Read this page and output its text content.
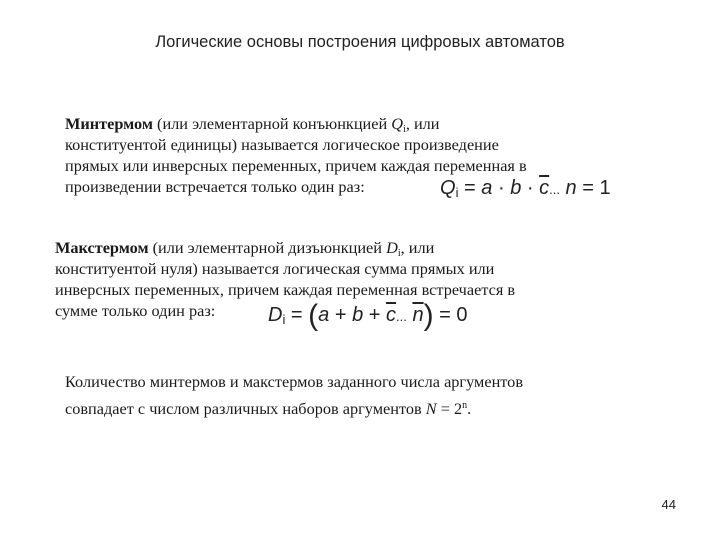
Логические основы построения цифровых автоматов
Минтермом (или элементарной конъюнкцией $Q_i$, или
конституентой единицы) называется логическое произведение
прямых или инверсных переменных, причем каждая переменная в
произведении встречается только один раз:	$Q_i = a \cdot b \cdot \overline{c}$... n = 1
Макстермом (или элементарной дизъюнкцией $D_i$, или
конституентой нуля) называется логическая сумма прямых или
инверсных переменных, причем каждая переменная встречается в
сумме только один раз:	$D_i = (a + b + \overline{c}$... $\overline{n}) = 0$
Количество минтермов и макстермов заданного числа аргументов
совпадает с числом различных наборов аргументов $N = 2^n$.
44
